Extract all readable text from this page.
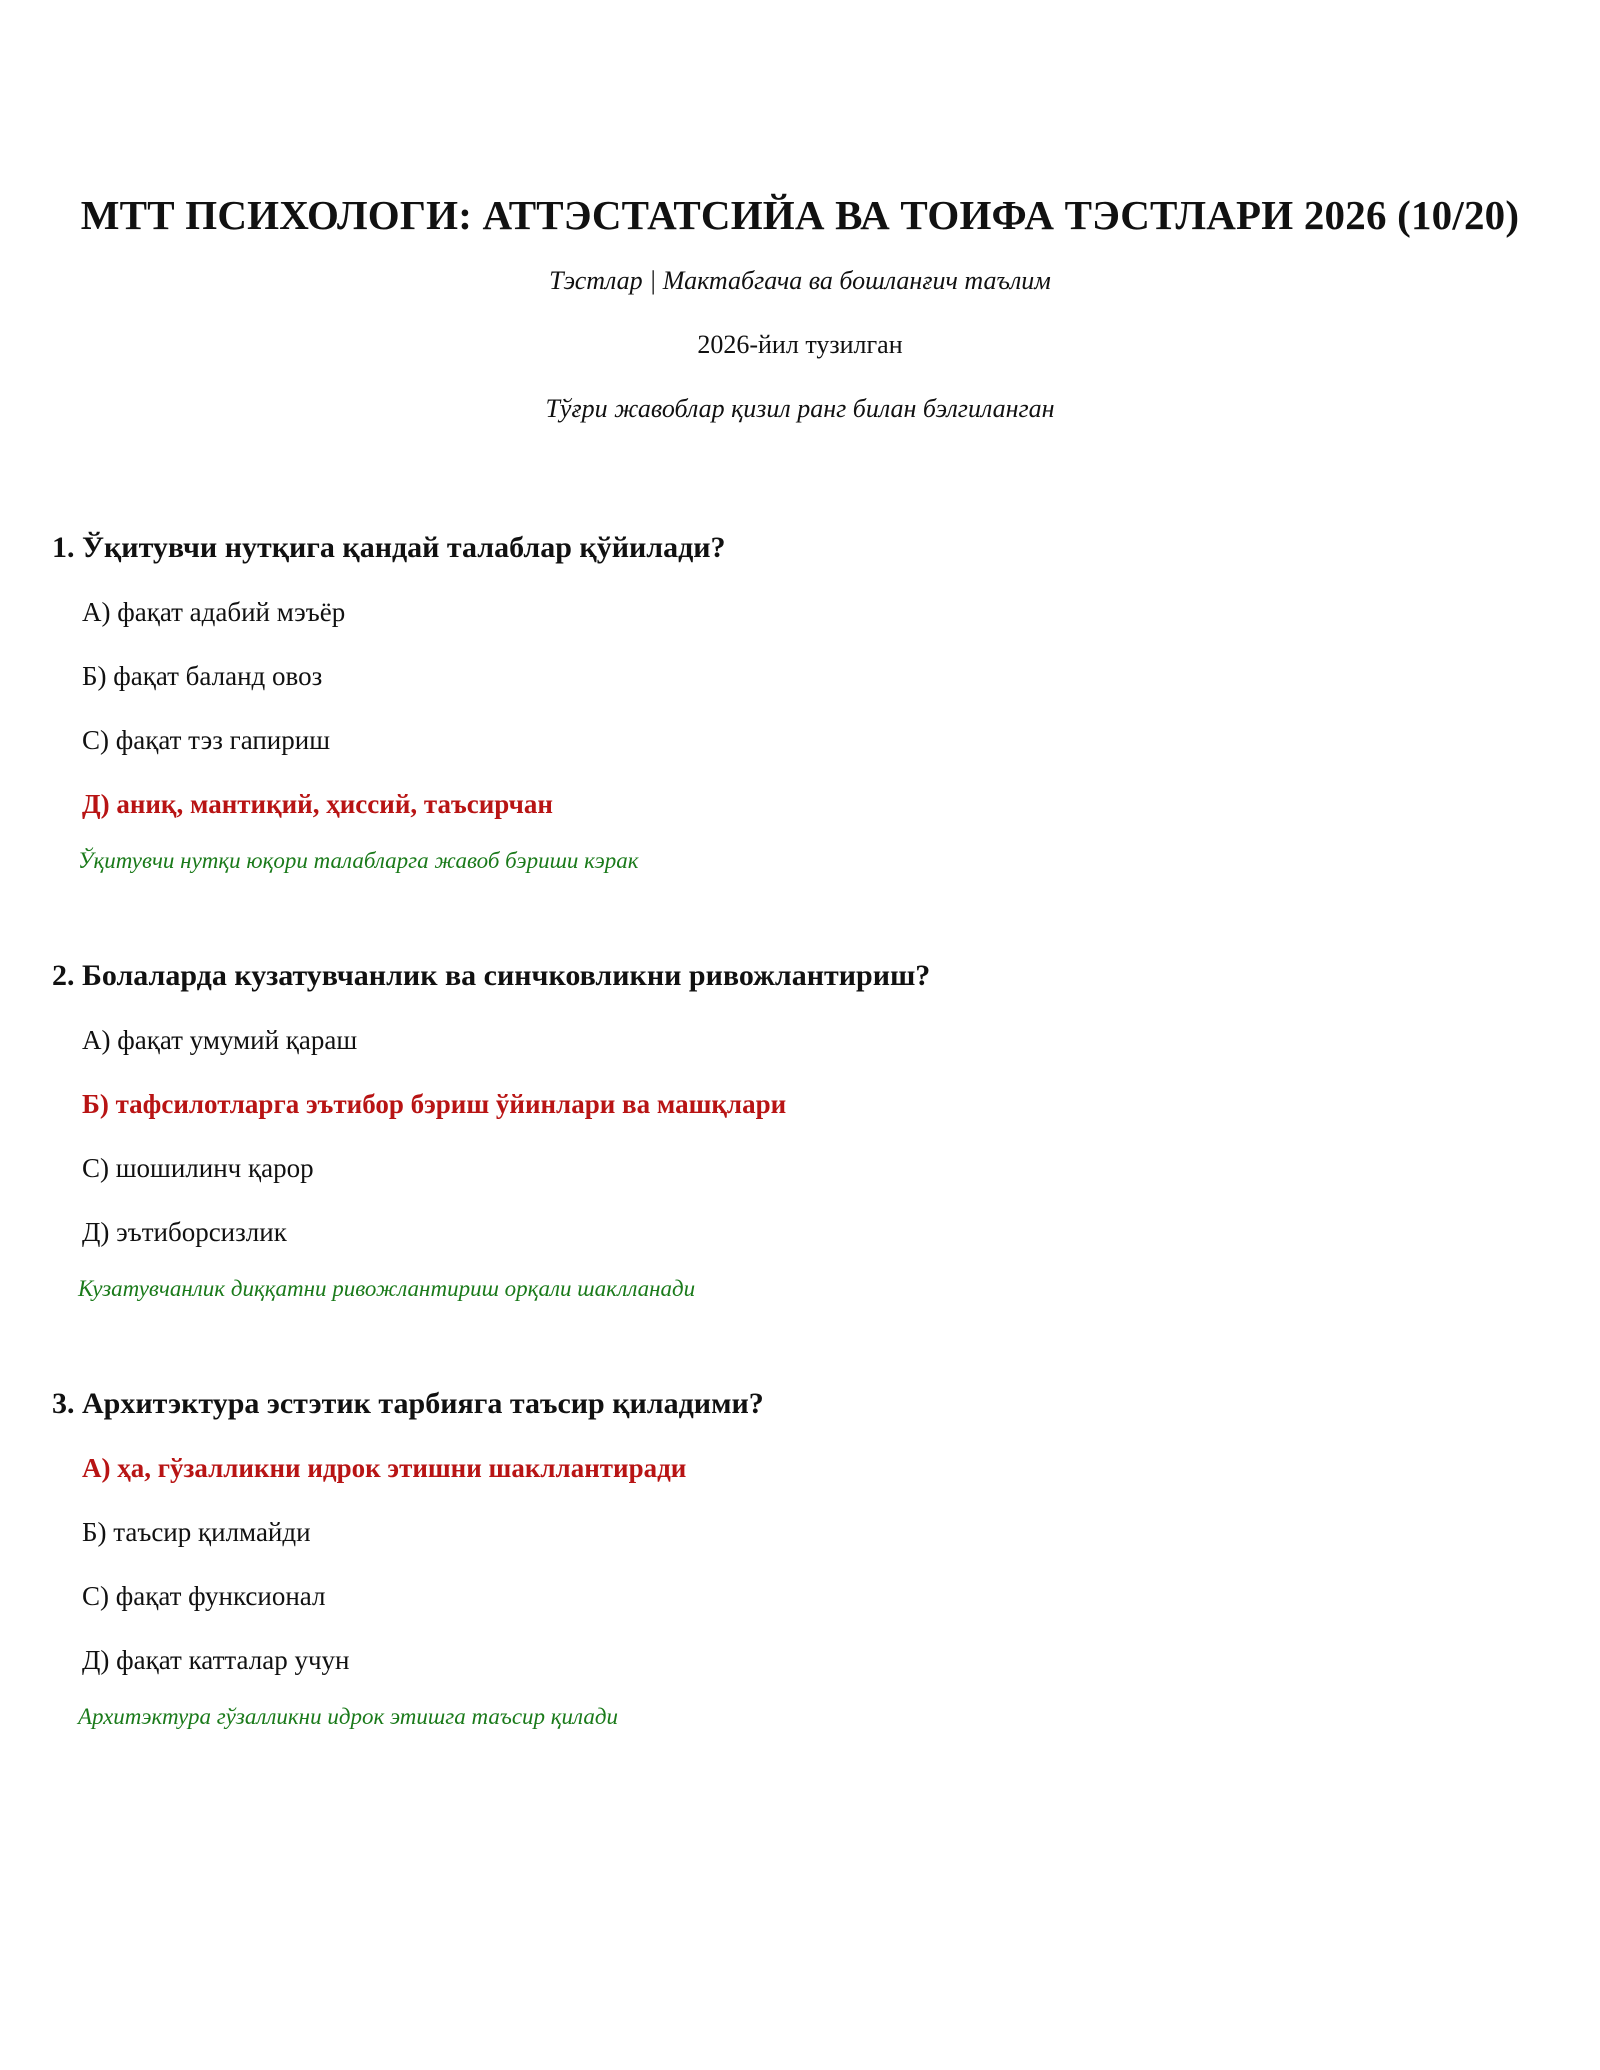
МТТ ПСИХОЛОГИ: АТТЭСТАТСИЙА ВА ТОИФА ТЭСТЛАРИ 2026 (10/20)
Тэстлар | Мактабгача ва бошланғич таълим
2026-йил тузилган
Тўғри жавоблар қизил ранг билан бэлгиланган

1. Ўқитувчи нутқига қандай талаблар қўйилади?

А) фақат адабий мэъёр
Б) фақат баланд овоз
С) фақат тэз гапириш
Д) аниқ, мантиқий, ҳиссий, таъсирчан
Ўқитувчи нутқи юқори талабларга жавоб бэриши кэрак

2. Болаларда кузатувчанлик ва синчковликни ривожлантириш?

А) фақат умумий қараш
Б) тафсилотларга эътибор бэриш ўйинлари ва машқлари
С) шошилинч қарор
Д) эътиборсизлик
Кузатувчанлик диққатни ривожлантириш орқали шаклланади

3. Архитэктура эстэтик тарбияга таъсир қиладими?

А) ҳа, гўзалликни идрок этишни шакллантиради
Б) таъсир қилмайди
С) фақат функсионал
Д) фақат катталар учун
Архитэктура гўзалликни идрок этишга таъсир қилади
